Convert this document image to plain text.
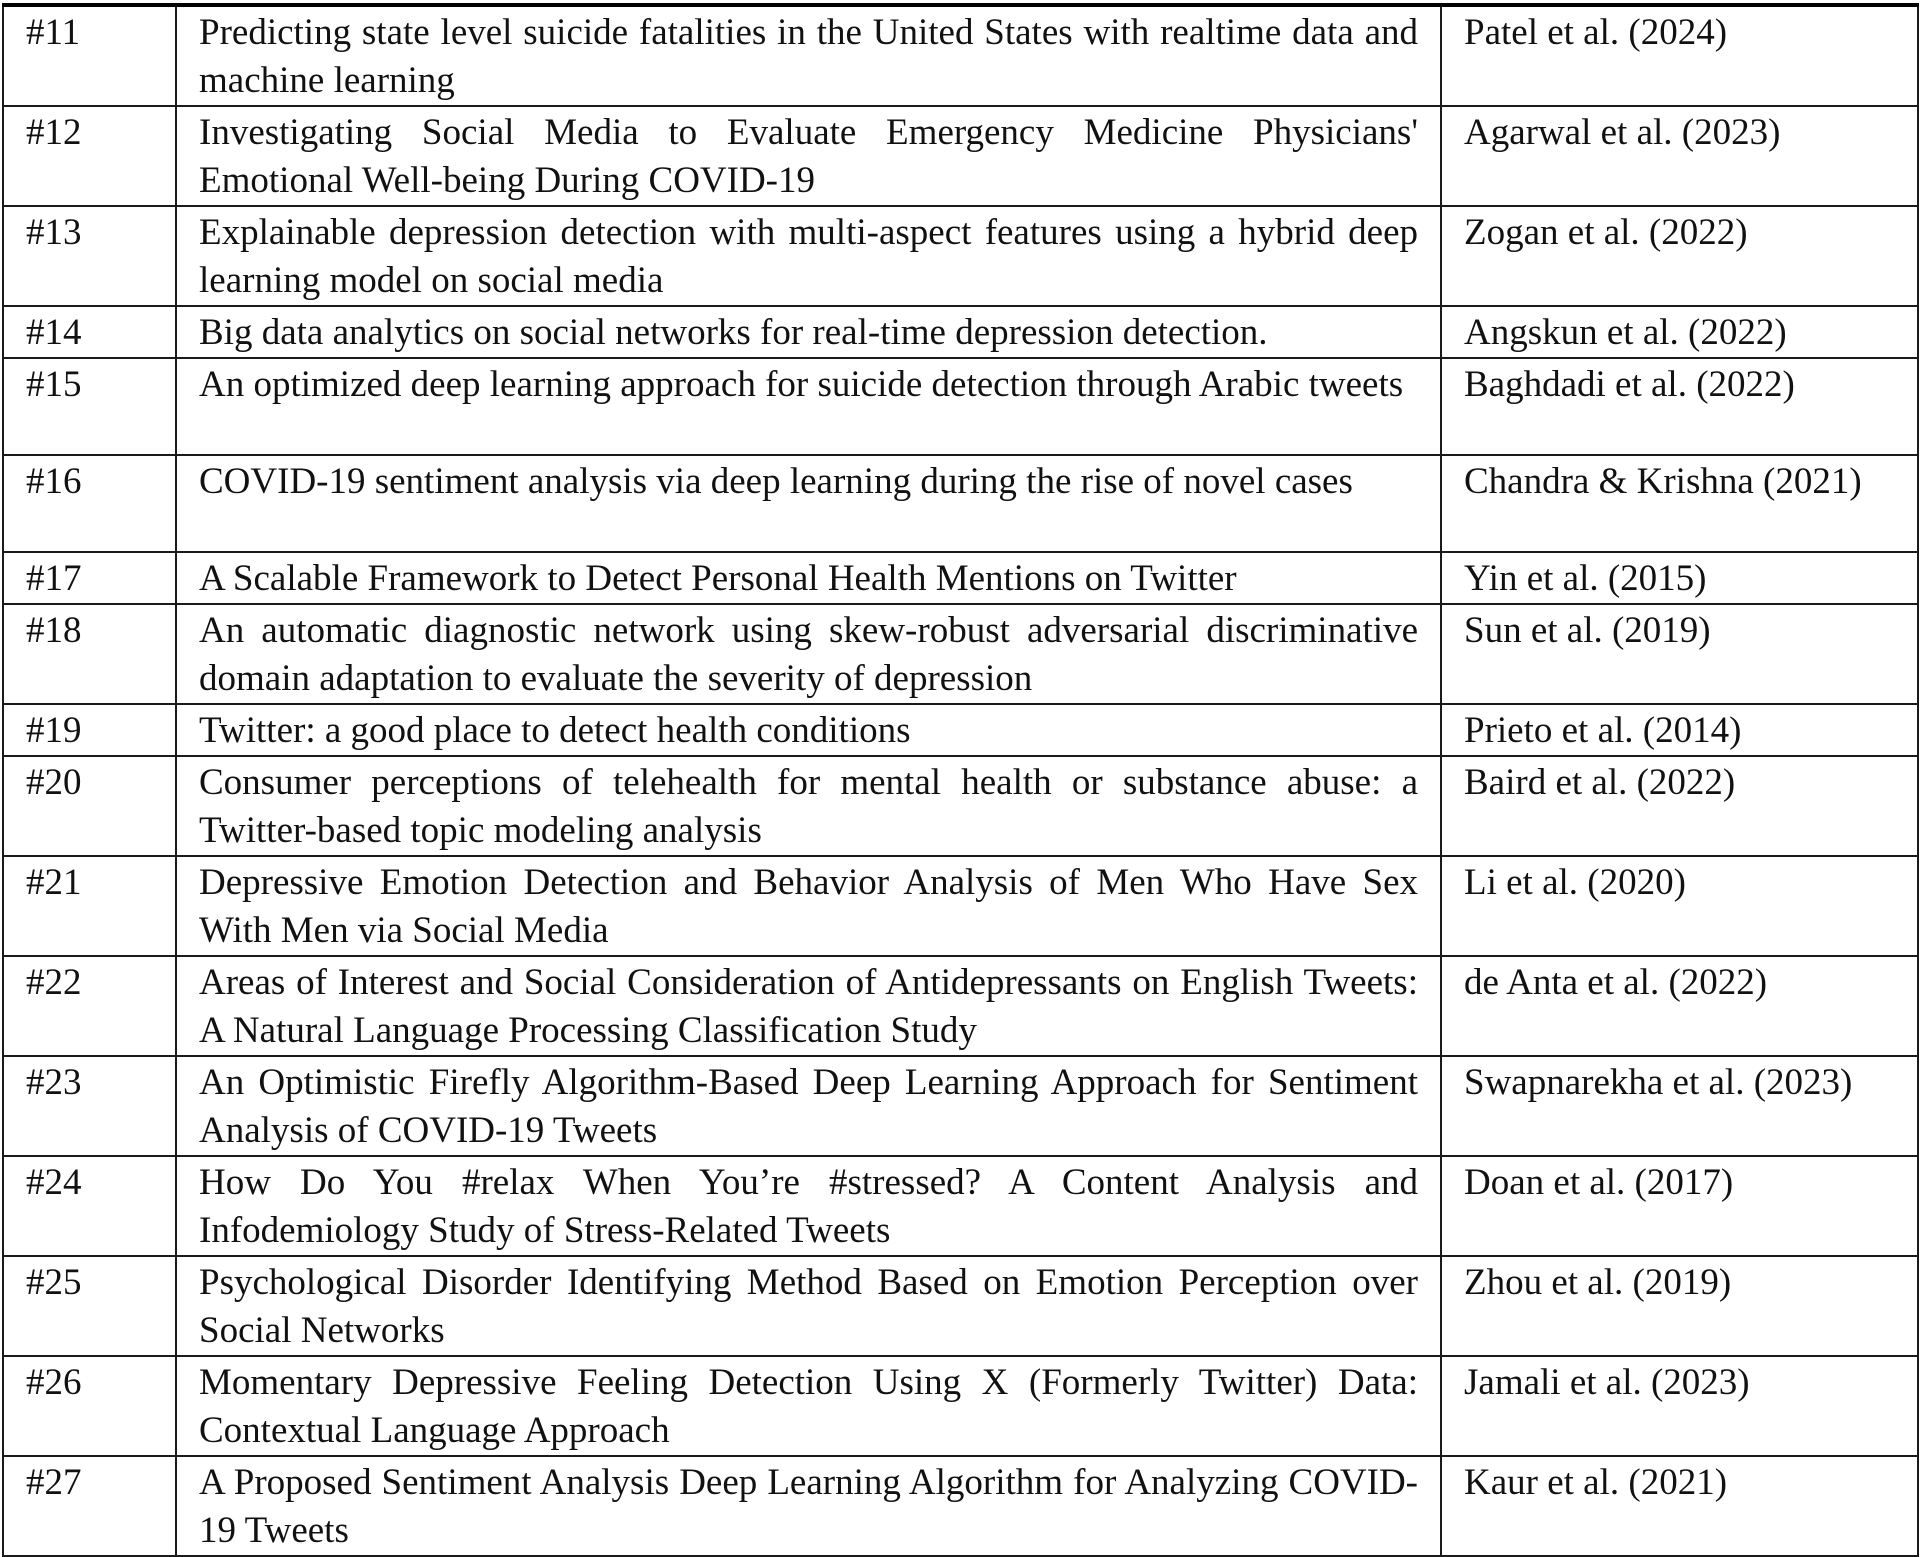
#11	Predicting state level suicide fatalities in the United States with realtime data and machine learning	Patel et al. (2024)
#12	Investigating Social Media to Evaluate Emergency Medicine Physicians' Emotional Well-being During COVID-19	Agarwal et al. (2023)
#13	Explainable depression detection with multi-aspect features using a hybrid deep learning model on social media	Zogan et al. (2022)
#14	Big data analytics on social networks for real-time depression detection.	Angskun et al. (2022)
#15	An optimized deep learning approach for suicide detection through Arabic tweets	Baghdadi et al. (2022)
#16	COVID-19 sentiment analysis via deep learning during the rise of novel cases	Chandra & Krishna (2021)
#17	A Scalable Framework to Detect Personal Health Mentions on Twitter	Yin et al. (2015)
#18	An automatic diagnostic network using skew-robust adversarial discriminative domain adaptation to evaluate the severity of depression	Sun et al. (2019)
#19	Twitter: a good place to detect health conditions	Prieto et al. (2014)
#20	Consumer perceptions of telehealth for mental health or substance abuse: a Twitter-based topic modeling analysis	Baird et al. (2022)
#21	Depressive Emotion Detection and Behavior Analysis of Men Who Have Sex With Men via Social Media	Li et al. (2020)
#22	Areas of Interest and Social Consideration of Antidepressants on English Tweets: A Natural Language Processing Classification Study	de Anta et al. (2022)
#23	An Optimistic Firefly Algorithm-Based Deep Learning Approach for Sentiment Analysis of COVID-19 Tweets	Swapnarekha et al. (2023)
#24	How Do You #relax When You’re #stressed? A Content Analysis and Infodemiology Study of Stress-Related Tweets	Doan et al. (2017)
#25	Psychological Disorder Identifying Method Based on Emotion Perception over Social Networks	Zhou et al. (2019)
#26	Momentary Depressive Feeling Detection Using X (Formerly Twitter) Data: Contextual Language Approach	Jamali et al. (2023)
#27	A Proposed Sentiment Analysis Deep Learning Algorithm for Analyzing COVID-19 Tweets	Kaur et al. (2021)
